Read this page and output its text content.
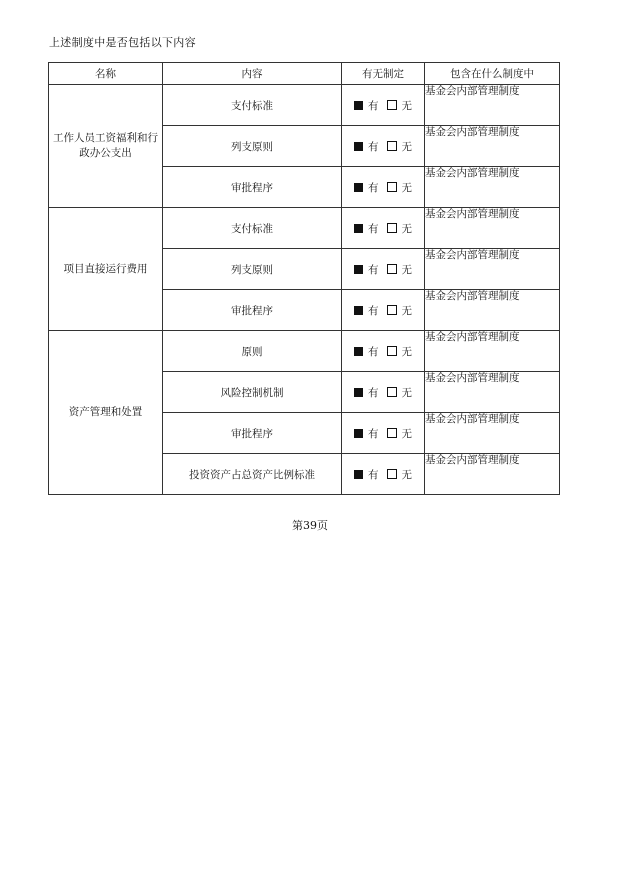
上述制度中是否包括以下内容
名称	内容	有无制定	包含在什么制度中
工作人员工资福利和行政办公支出	支付标准	有 无	基金会内部管理制度
	列支原则	有 无	基金会内部管理制度
	审批程序	有 无	基金会内部管理制度
项目直接运行费用	支付标准	有 无	基金会内部管理制度
	列支原则	有 无	基金会内部管理制度
	审批程序	有 无	基金会内部管理制度
资产管理和处置	原则	有 无	基金会内部管理制度
	风险控制机制	有 无	基金会内部管理制度
	审批程序	有 无	基金会内部管理制度
	投资资产占总资产比例标准	有 无	基金会内部管理制度
第39页
